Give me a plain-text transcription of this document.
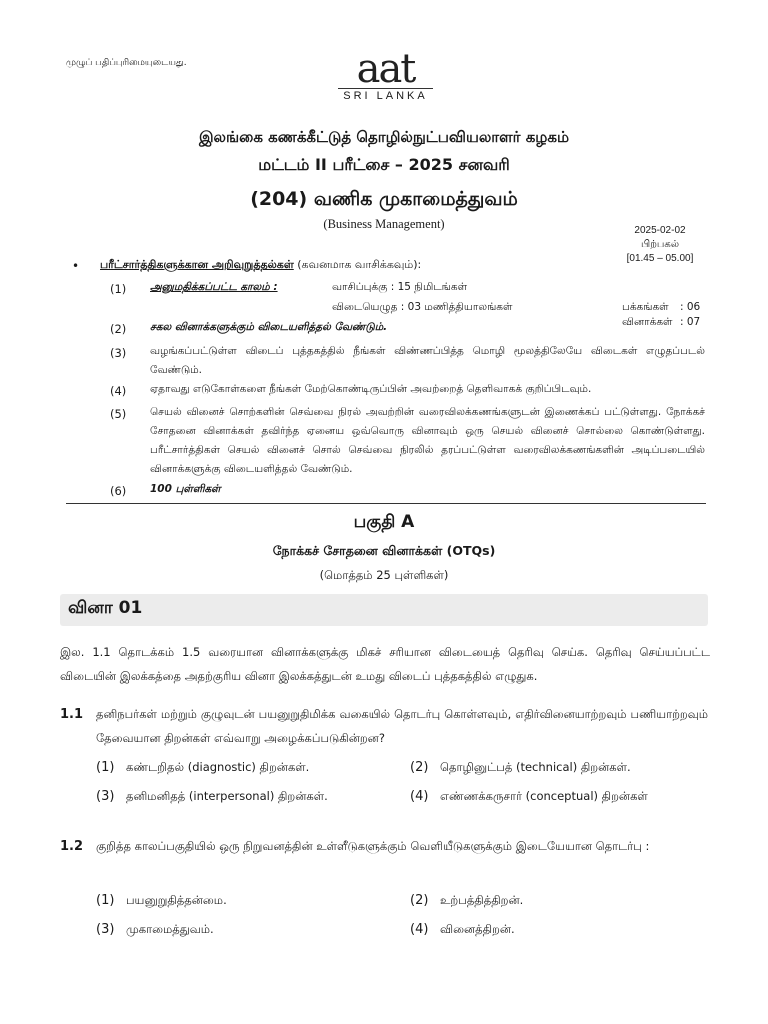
முழுப் பதிப்புரிமையுடையது.	aat
SRI LANKA
இலங்கை கணக்கீட்டுத் தொழில்நுட்பவியலாளர் கழகம்
மட்டம் II பரீட்சை – 2025 சனவரி
(204) வணிக முகாமைத்துவம்
(Business Management)	2025-02-02
பிற்பகல்
[01.45 – 05.00]
• பரீட்சார்த்திகளுக்கான அறிவுறுத்தல்கள் (கவனமாக வாசிக்கவும்):
(1) அனுமதிக்கப்பட்ட காலம் :	வாசிப்புக்கு : 15 நிமிடங்கள்
விடையெழுத : 03 மணித்தியாலங்கள்	பக்கங்கள் : 06
வினாக்கள் : 07
(2) சகல வினாக்களுக்கும் விடையளித்தல் வேண்டும்.
(3) வழங்கப்பட்டுள்ள விடைப் புத்தகத்தில் நீங்கள் விண்ணப்பித்த மொழி மூலத்திலேயே விடைகள் எழுதப்படல் வேண்டும்.
(4) ஏதாவது எடுகோள்களை நீங்கள் மேற்கொண்டிருப்பின் அவற்றைத் தெளிவாகக் குறிப்பிடவும்.
(5) செயல் வினைச் சொற்களின் செவ்வை நிரல் அவற்றின் வரைவிலக்கணங்களுடன் இணைக்கப் பட்டுள்ளது. நோக்கச் சோதனை வினாக்கள் தவிர்ந்த ஏனைய ஒவ்வொரு வினாவும் ஒரு செயல் வினைச் சொல்லை கொண்டுள்ளது. பரீட்சார்த்திகள் செயல் வினைச் சொல் செவ்வை நிரலில் தரப்பட்டுள்ள வரைவிலக்கணங்களின் அடிப்படையில் வினாக்களுக்கு விடையளித்தல் வேண்டும்.
(6) 100 புள்ளிகள்
பகுதி A
நோக்கச் சோதனை வினாக்கள் (OTQs)
(மொத்தம் 25 புள்ளிகள்)
வினா 01
இல. 1.1 தொடக்கம் 1.5 வரையான வினாக்களுக்கு மிகச் சரியான விடையைத் தெரிவு செய்க. தெரிவு செய்யப்பட்ட விடையின் இலக்கத்தை அதற்குரிய வினா இலக்கத்துடன் உமது விடைப் புத்தகத்தில் எழுதுக.
1.1 தனிநபர்கள் மற்றும் குழுவுடன் பயனுறுதிமிக்க வகையில் தொடர்பு கொள்ளவும், எதிர்வினையாற்றவும் பணியாற்றவும் தேவையான திறன்கள் எவ்வாறு அழைக்கப்படுகின்றன?
(1) கண்டறிதல் (diagnostic) திறன்கள்.	(2) தொழினுட்பத் (technical) திறன்கள்.
(3) தனிமனிதத் (interpersonal) திறன்கள்.	(4) எண்ணக்கருசார் (conceptual) திறன்கள்
1.2 குறித்த காலப்பகுதியில் ஒரு நிறுவனத்தின் உள்ளீடுகளுக்கும் வெளியீடுகளுக்கும் இடையேயான தொடர்பு :
(1) பயனுறுதித்தன்மை.	(2) உற்பத்தித்திறன்.
(3) முகாமைத்துவம்.	(4) வினைத்திறன்.
